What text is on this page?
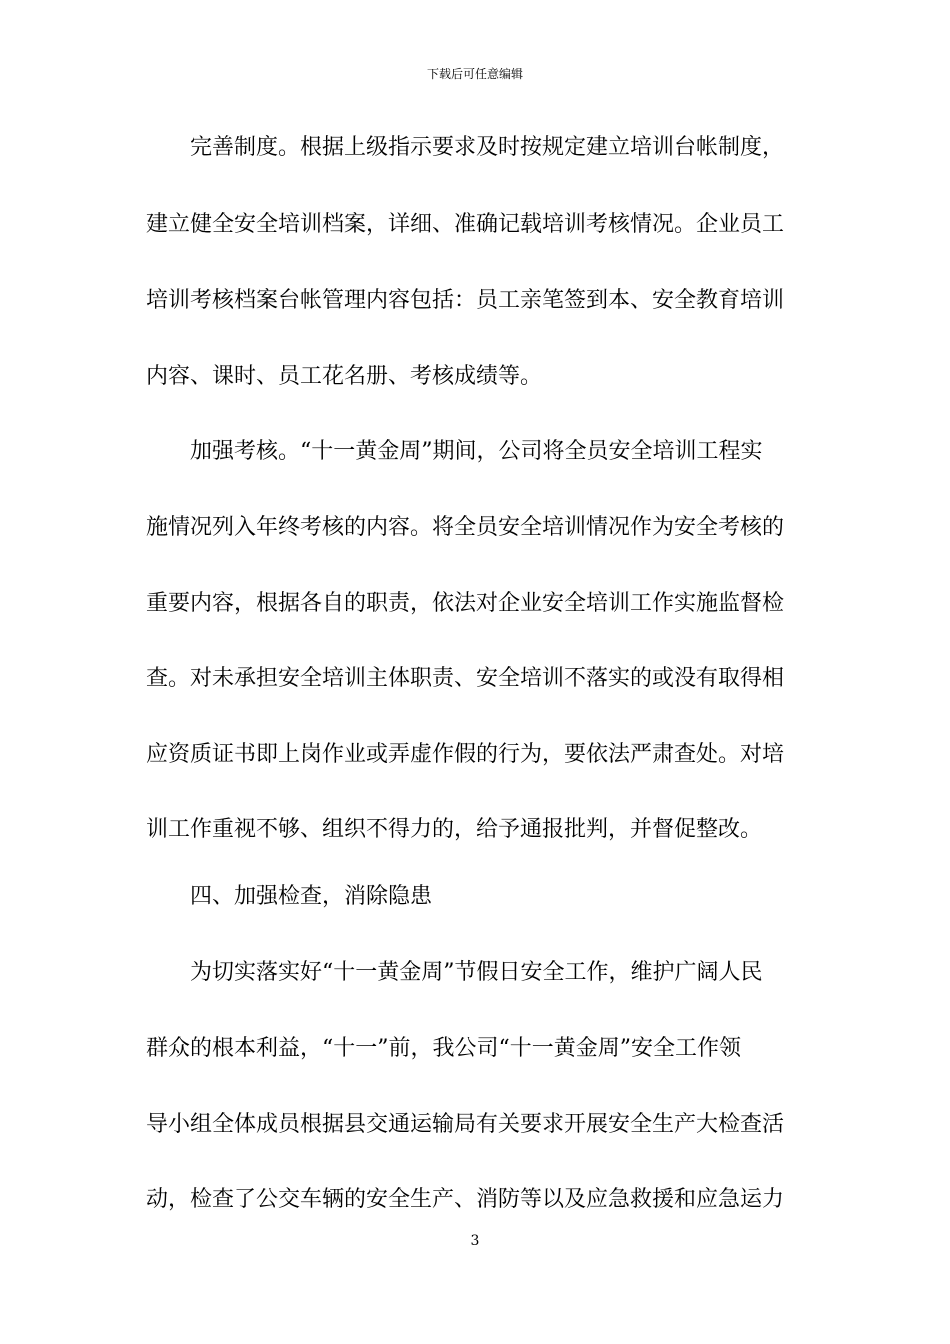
下载后可任意编辑
　　完善制度。根据上级指示要求及时按规定建立培训台帐制度，
建立健全安全培训档案，详细、准确记载培训考核情况。企业员工
培训考核档案台帐管理内容包括：员工亲笔签到本、安全教育培训
内容、课时、员工花名册、考核成绩等。
　　加强考核。“十一黄金周”期间，公司将全员安全培训工程实
施情况列入年终考核的内容。将全员安全培训情况作为安全考核的
重要内容，根据各自的职责，依法对企业安全培训工作实施监督检
查。对未承担安全培训主体职责、安全培训不落实的或没有取得相
应资质证书即上岗作业或弄虚作假的行为，要依法严肃查处。对培
训工作重视不够、组织不得力的，给予通报批判，并督促整改。
　　四、加强检查，消除隐患
　　为切实落实好“十一黄金周”节假日安全工作，维护广阔人民
群众的根本利益，“十一”前，我公司“十一黄金周”安全工作领
导小组全体成员根据县交通运输局有关要求开展安全生产大检查活
动，检查了公交车辆的安全生产、消防等以及应急救援和应急运力
3
